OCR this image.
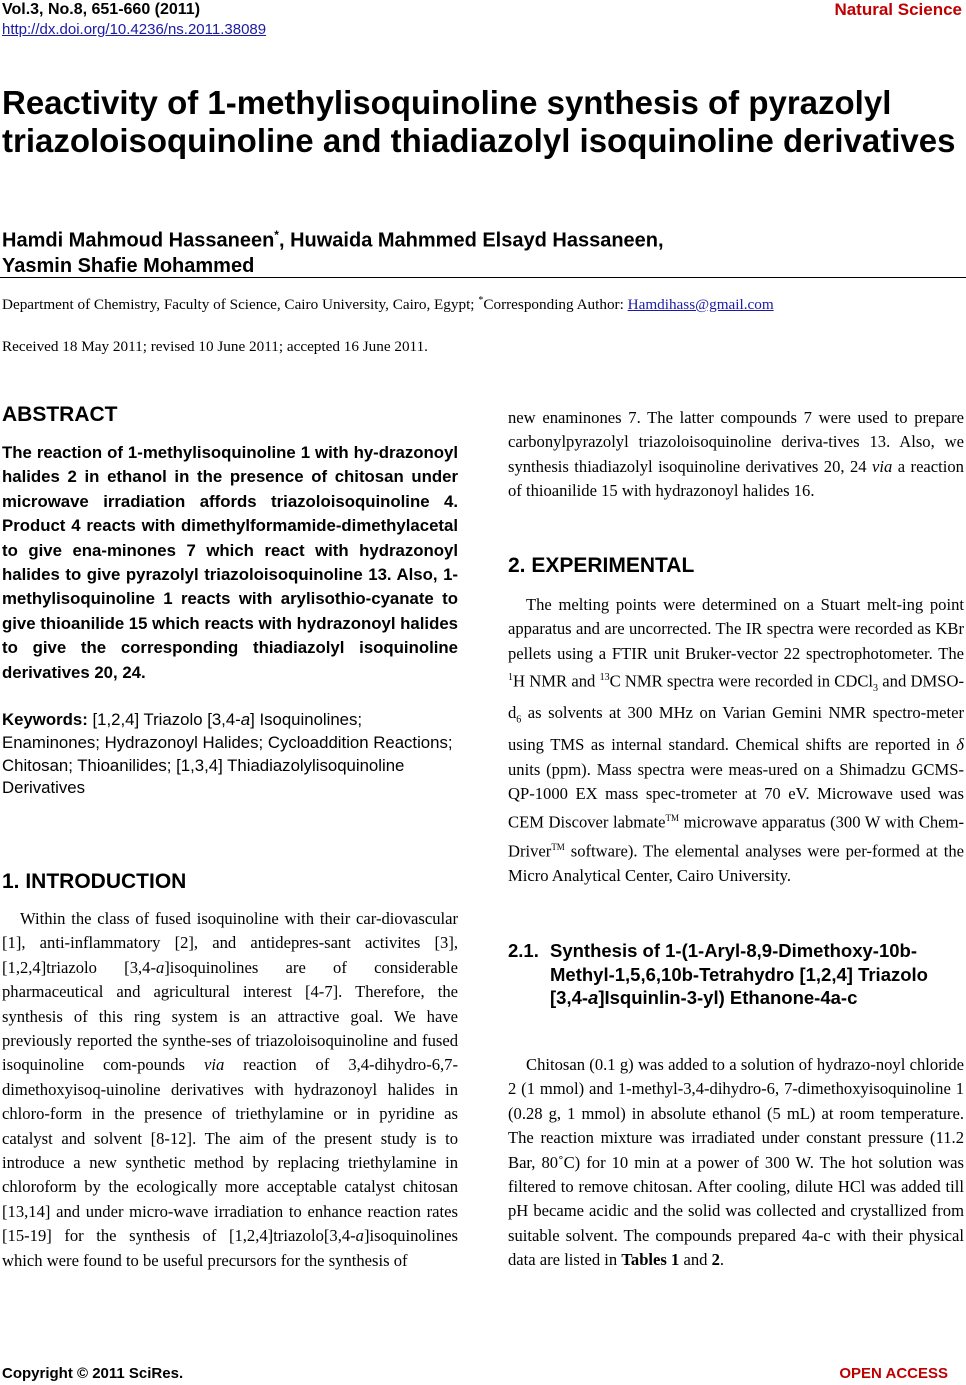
Vol.3, No.8, 651-660 (2011)
http://dx.doi.org/10.4236/ns.2011.38089
Natural Science
Reactivity of 1-methylisoquinoline synthesis of pyrazolyl triazoloisoquinoline and thiadiazolyl isoquinoline derivatives
Hamdi Mahmoud Hassaneen*, Huwaida Mahmmed Elsayd Hassaneen,
Yasmin Shafie Mohammed
Department of Chemistry, Faculty of Science, Cairo University, Cairo, Egypt; *Corresponding Author: Hamdihass@gmail.com
Received 18 May 2011; revised 10 June 2011; accepted 16 June 2011.
ABSTRACT
The reaction of 1-methylisoquinoline 1 with hy-drazonoyl halides 2 in ethanol in the presence of chitosan under microwave irradiation affords triazoloisoquinoline 4. Product 4 reacts with dimethylformamide-dimethylacetal to give ena-minones 7 which react with hydrazonoyl halides to give pyrazolyl triazoloisoquinoline 13. Also, 1-methylisoquinoline 1 reacts with arylisothio-cyanate to give thioanilide 15 which reacts with hydrazonoyl halides to give the corresponding thiadiazolyl isoquinoline derivatives 20, 24.
Keywords: [1,2,4] Triazolo [3,4-a] Isoquinolines; Enaminones; Hydrazonoyl Halides; Cycloaddition Reactions; Chitosan; Thioanilides; [1,3,4] Thiadiazolylisoquinoline Derivatives
1. INTRODUCTION

Within the class of fused isoquinoline with their car-diovascular [1], anti-inflammatory [2], and antidepres-sant activites [3], [1,2,4]triazolo [3,4-a]isoquinolines are of considerable pharmaceutical and agricultural interest [4-7]. Therefore, the synthesis of this ring system is an attractive goal. We have previously reported the synthe-ses of triazoloisoquinoline and fused isoquinoline com-pounds via reaction of 3,4-dihydro-6,7-dimethoxyisoq-uinoline derivatives with hydrazonoyl halides in chloro-form in the presence of triethylamine or in pyridine as catalyst and solvent [8-12]. The aim of the present study is to introduce a new synthetic method by replacing triethylamine in chloroform by the ecologically more acceptable catalyst chitosan [13,14] and under micro-wave irradiation to enhance reaction rates [15-19] for the synthesis of [1,2,4]triazolo[3,4-a]isoquinolines which were found to be useful precursors for the synthesis of

new enaminones 7. The latter compounds 7 were used to prepare carbonylpyrazolyl triazoloisoquinoline deriva-tives 13. Also, we synthesis thiadiazolyl isoquinoline derivatives 20, 24 via a reaction of thioanilide 15 with hydrazonoyl halides 16.

2. EXPERIMENTAL

The melting points were determined on a Stuart melt-ing point apparatus and are uncorrected. The IR spectra were recorded as KBr pellets using a FTIR unit Bruker-vector 22 spectrophotometer. The $^1$H NMR and $^{13}$C NMR spectra were recorded in CDCl$_3$ and DMSO-$d_6$ as solvents at 300 MHz on Varian Gemini NMR spectro-meter using TMS as internal standard. Chemical shifts are reported in δ units (ppm). Mass spectra were meas-ured on a Shimadzu GCMS-QP-1000 EX mass spec-trometer at 70 eV. Microwave used was CEM Discover labmate™ microwave apparatus (300 W with Chem-Driver™ software). The elemental analyses were per-formed at the Micro Analytical Center, Cairo University.

2.1. Synthesis of 1-(1-Aryl-8,9-Dimethoxy-10b-Methyl-1,5,6,10b-Tetrahydro [1,2,4] Triazolo [3,4-a]Isquinlin-3-yl) Ethanone-4a-c

Chitosan (0.1 g) was added to a solution of hydrazo-noyl chloride 2 (1 mmol) and 1-methyl-3,4-dihydro-6, 7-dimethoxyisoquinoline 1 (0.28 g, 1 mmol) in absolute ethanol (5 mL) at room temperature. The reaction mixture was irradiated under constant pressure (11.2 Bar, 80˚C) for 10 min at a power of 300 W. The hot solution was filtered to remove chitosan. After cooling, dilute HCl was added till pH became acidic and the solid was collected and crystallized from suitable solvent. The compounds prepared 4a-c with their physical data are listed in Tables 1 and 2.

Copyright © 2011 SciRes.	OPEN ACCESS
